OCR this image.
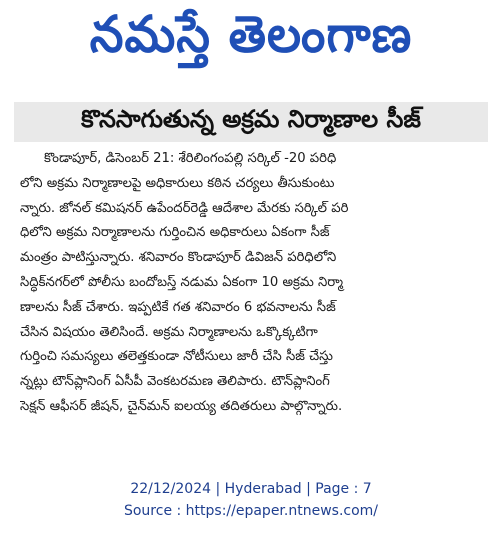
నమస్తే తెలంగాణ
కొనసాగుతున్న అక్రమ నిర్మాణాల సీజ్
కొండాపూర్, డిసెంబర్ 21: శేరిలింగంపల్లి సర్కిల్ -20 పరిధి
లోని అక్రమ నిర్మాణాలపై అధికారులు కఠిన చర్యలు తీసుకుంటు
న్నారు. జోనల్ కమిషనర్ ఉపేందర్‌రెడ్డి ఆదేశాల మేరకు సర్కిల్ పరి
ధిలోని అక్రమ నిర్మాణాలను గుర్తించిన అధికారులు ఏకంగా సీజ్
మంత్రం పాటిస్తున్నారు. శనివారం కొండాపూర్ డివిజన్ పరిధిలోని
సిద్ధిక్‌నగర్‌లో పోలీసు బందోబస్త్ నడుమ ఏకంగా 10 అక్రమ నిర్మా
ణాలను సీజ్ చేశారు. ఇప్పటికే గత శనివారం 6 భవనాలను సీజ్
చేసిన విషయం తెలిసిందే. అక్రమ నిర్మాణాలను ఒక్కొక్కటిగా
గుర్తించి సమస్యలు తలెత్తకుండా నోటీసులు జారీ చేసి సీజ్ చేస్తు
న్నట్లు టౌన్‌ప్లానింగ్ ఏసీపీ వెంకటరమణ తెలిపారు. టౌన్‌ప్లానింగ్
సెక్షన్ ఆఫీసర్ జీషన్, చైన్‌మన్ ఐలయ్య తదితరులు పాల్గొన్నారు.
22/12/2024 | Hyderabad | Page : 7
Source : https://epaper.ntnews.com/
